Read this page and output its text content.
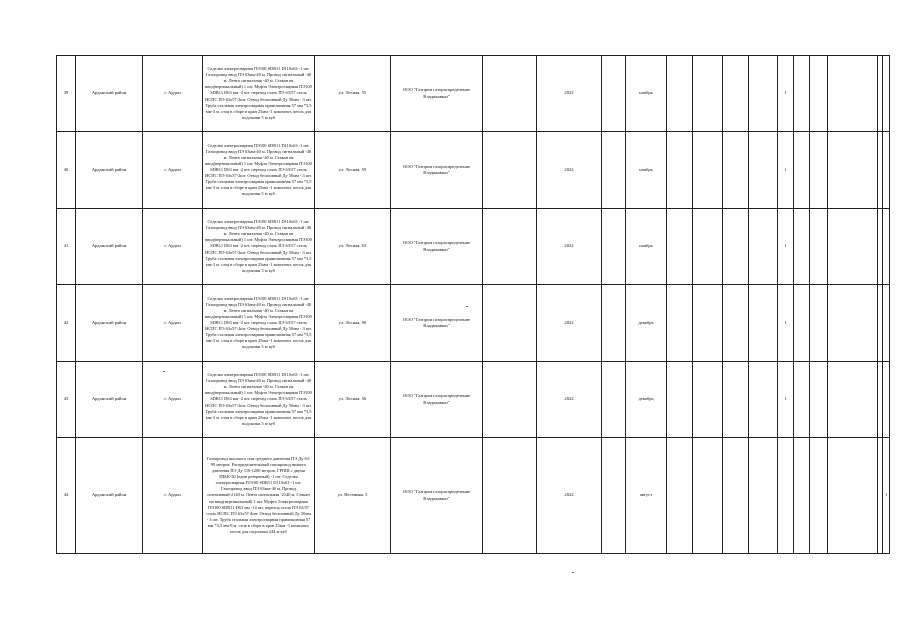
39	Ардонский район	г. Ардон	Седелка электросварная ПЭ100 SDR11 D110х63 -1 шт. Газопровод ввод ПЭ 63мм-40 м. Провод сигнальный -40 м. Лента сигнальная -40 м. Стакан на ввод(вертикальный) 1 шт. Муфта Электросварная ПЭ100 SDR11 D63 мм -2 шт. переход сталь ПЭ 63/57 сталь НСПС ПЭ 63х57-2шт. Отвод бесшовный Ду 50мм - 3 шт. Труба стальная электросварная прямошовная 57 мм *3,5 мм-3 м. стоя в сборе в кран 25мм -1 комплект, песок для подсыпки 5 м куб	ул. Лесная, 55	ООО "Газпром газораспределение Владикавказ"		2022		ноябрь					1					
40	Ардонский район	г. Ардон	Седелка электросварная ПЭ100 SDR11 D110х63 -1 шт. Газопровод ввод ПЭ 63мм-40 м. Провод сигнальный -40 м. Лента сигнальная -40 м. Стакан на ввод(вертикальный) 1 шт. Муфта Электросварная ПЭ100 SDR11 D63 мм -2 шт. переход сталь ПЭ 63/57 сталь НСПС ПЭ 63х57-2шт. Отвод бесшовный Ду 50мм - 3 шт. Труба стальная электросварная прямошовная 57 мм *3,5 мм-3 м. стоя в сборе в кран 25мм -1 комплект, песок для подсыпки 5 м куб	ул. Лесная, 59	ООО "Газпром газораспределение Владикавказ"		2022		ноябрь					1					
41	Ардонский район	г. Ардон	Седелка электросварная ПЭ100 SDR11 D110х63 -1 шт. Газопровод ввод ПЭ 63мм-40 м. Провод сигнальный -40 м. Лента сигнальная -40 м. Стакан на ввод(вертикальный) 1 шт. Муфта Электросварная ПЭ100 SDR11 D63 мм -2 шт. переход сталь ПЭ 63/57 сталь НСПС ПЭ 63х57-2шт. Отвод бесшовный Ду 50мм - 3 шт. Труба стальная электросварная прямошовная 57 мм *3,5 мм-3 м. стоя в сборе в кран 25мм -1 комплект, песок для подсыпки 5 м куб	ул. Лесная, 63	ООО "Газпром газораспределение Владикавказ"		2022		ноябрь					1					
42	Ардонский район	г. Ардон	Седелка электросварная ПЭ100 SDR11 D110х63 -1 шт. Газопровод ввод ПЭ 63мм-40 м. Провод сигнальный -40 м. Лента сигнальная -40 м. Стакан на ввод(вертикальный) 1 шт. Муфта Электросварная ПЭ100 SDR11 D63 мм -2 шт. переход сталь ПЭ 63/57 сталь НСПС ПЭ 63х57-2шт. Отвод бесшовный Ду 50мм - 3 шт. Труба стальная электросварная прямошовная 57 мм *3,5 мм-3 м. стоя в сборе в кран 25мм -1 комплект, песок для подсыпки 5 м куб	ул. Лесная, 90	ООО "Газпром газораспределение Владикавказ"		2022		декабрь					1					
43	Ардонский район	г. Ардон	Седелка электросварная ПЭ100 SDR11 D110х63 -1 шт. Газопровод ввод ПЭ 63мм-40 м. Провод сигнальный -40 м. Лента сигнальная -40 м. Стакан на ввод(вертикальный) 1 шт. Муфта Электросварная ПЭ100 SDR11 D63 мм -2 шт. переход сталь ПЭ 63/57 сталь НСПС ПЭ 63х57-2шт. Отвод бесшовный Ду 50мм - 3 шт. Труба стальная электросварная прямошовная 57 мм *3,5 мм-3 м. стоя в сборе в кран 25мм -1 комплект, песок для подсыпки 5 м куб	ул. Лесная, 56	ООО "Газпром газораспределение Владикавказ"		2022		декабрь					1					
44	Ардонский район	г. Ардон	Газопровод высокого или среднего давления ПЭ Ду 63- 99 метров. Распределительный газопровод низкого давления ПЭ Ду 110-1200 метров. ГРПШ с двумя РДБК-50 (один резервный) -1 шт. Седелка электросварная ПЭ100 SDR11 D110х63 -1 шт. Газопровод ввод ПЭ 63мм-40 м. Провод сигнальный-2140 м. Лента сигнальная -2140 м. Стакан на ввод(вертикальный) 1 шт. Муфта Электросварная ПЭ100 SDR11 D63 мм -14 шт. переход сталь ПЭ 63/57 сталь НСПС ПЭ 63х57-4шт. Отвод бесшовный Ду 50мм - 3 шт. Труба стальная электросварная прямошовная 57 мм *3,5 мм-9 м. стоя в сборе в кран 25мм -1 комплект, песок для подсыпки 244 м куб	ул. Весенняя, 5	ООО "Газпром газораспределение Владикавказ"		2022		август										1
